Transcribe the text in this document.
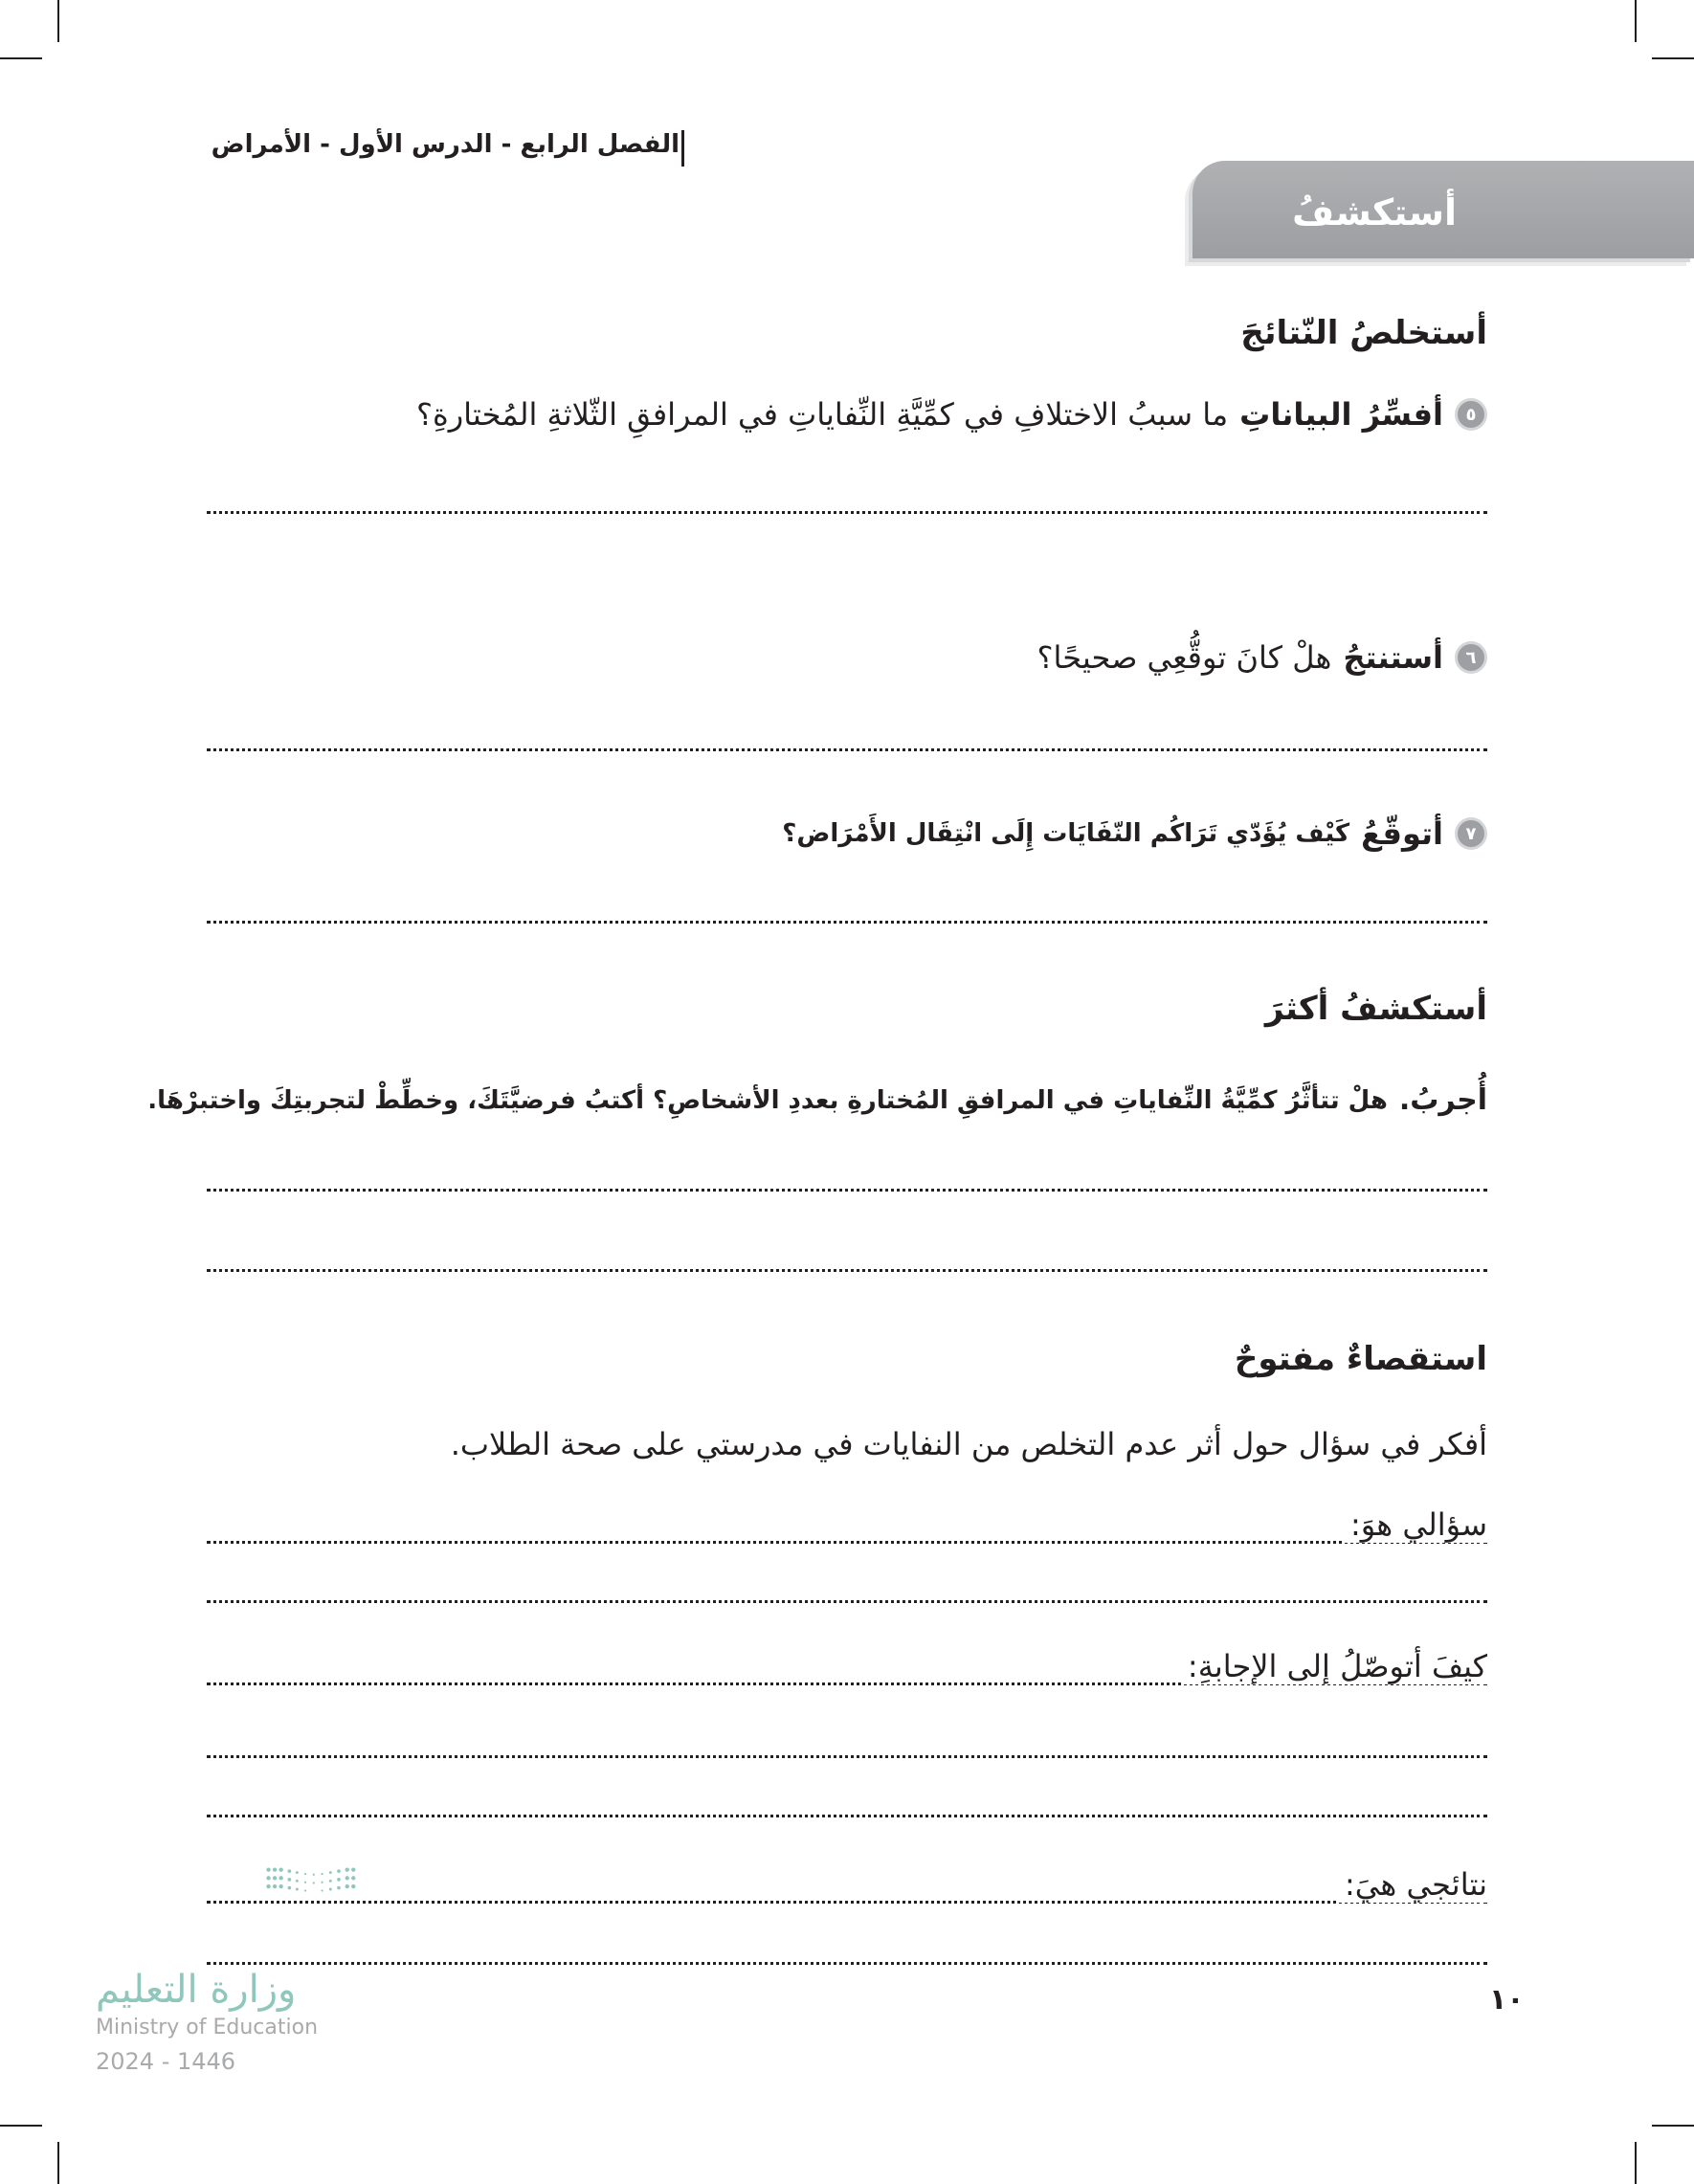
الفصل الرابع - الدرس الأول - الأمراض
أستكشفُ
أستخلصُ النّتائجَ
٥
أفسِّرُ البياناتِ
ما سببُ الاختلافِ في كمِّيَّةِ النِّفاياتِ في المرافقِ الثّلاثةِ المُختارةِ؟
٦
أستنتجُ
هلْ كانَ توقُّعِي صحيحًا؟
٧
أتوقّعُ
كَيْف يُؤَدّي تَرَاكُم النّفَايَات إِلَى انْتِقَال الأَمْرَاض؟
أستكشفُ أكثرَ
أُجربُ.
هلْ تتأثَّرُ كمِّيَّةُ النِّفاياتِ في المرافقِ المُختارةِ بعددِ الأشخاصِ؟ أكتبُ فرضيَّتَكَ، وخطِّطْ لتجربتِكَ واختبرْهَا.
استقصاءٌ مفتوحٌ
أفكر في سؤال حول أثر عدم التخلص من النفايات في مدرستي على صحة الطلاب.
سؤالي هوَ:
كيفَ أتوصّلُ إلى الإجابةِ:
نتائجي هيَ:
وزارة التعليم
Ministry of Education
2024 - 1446
١٠
